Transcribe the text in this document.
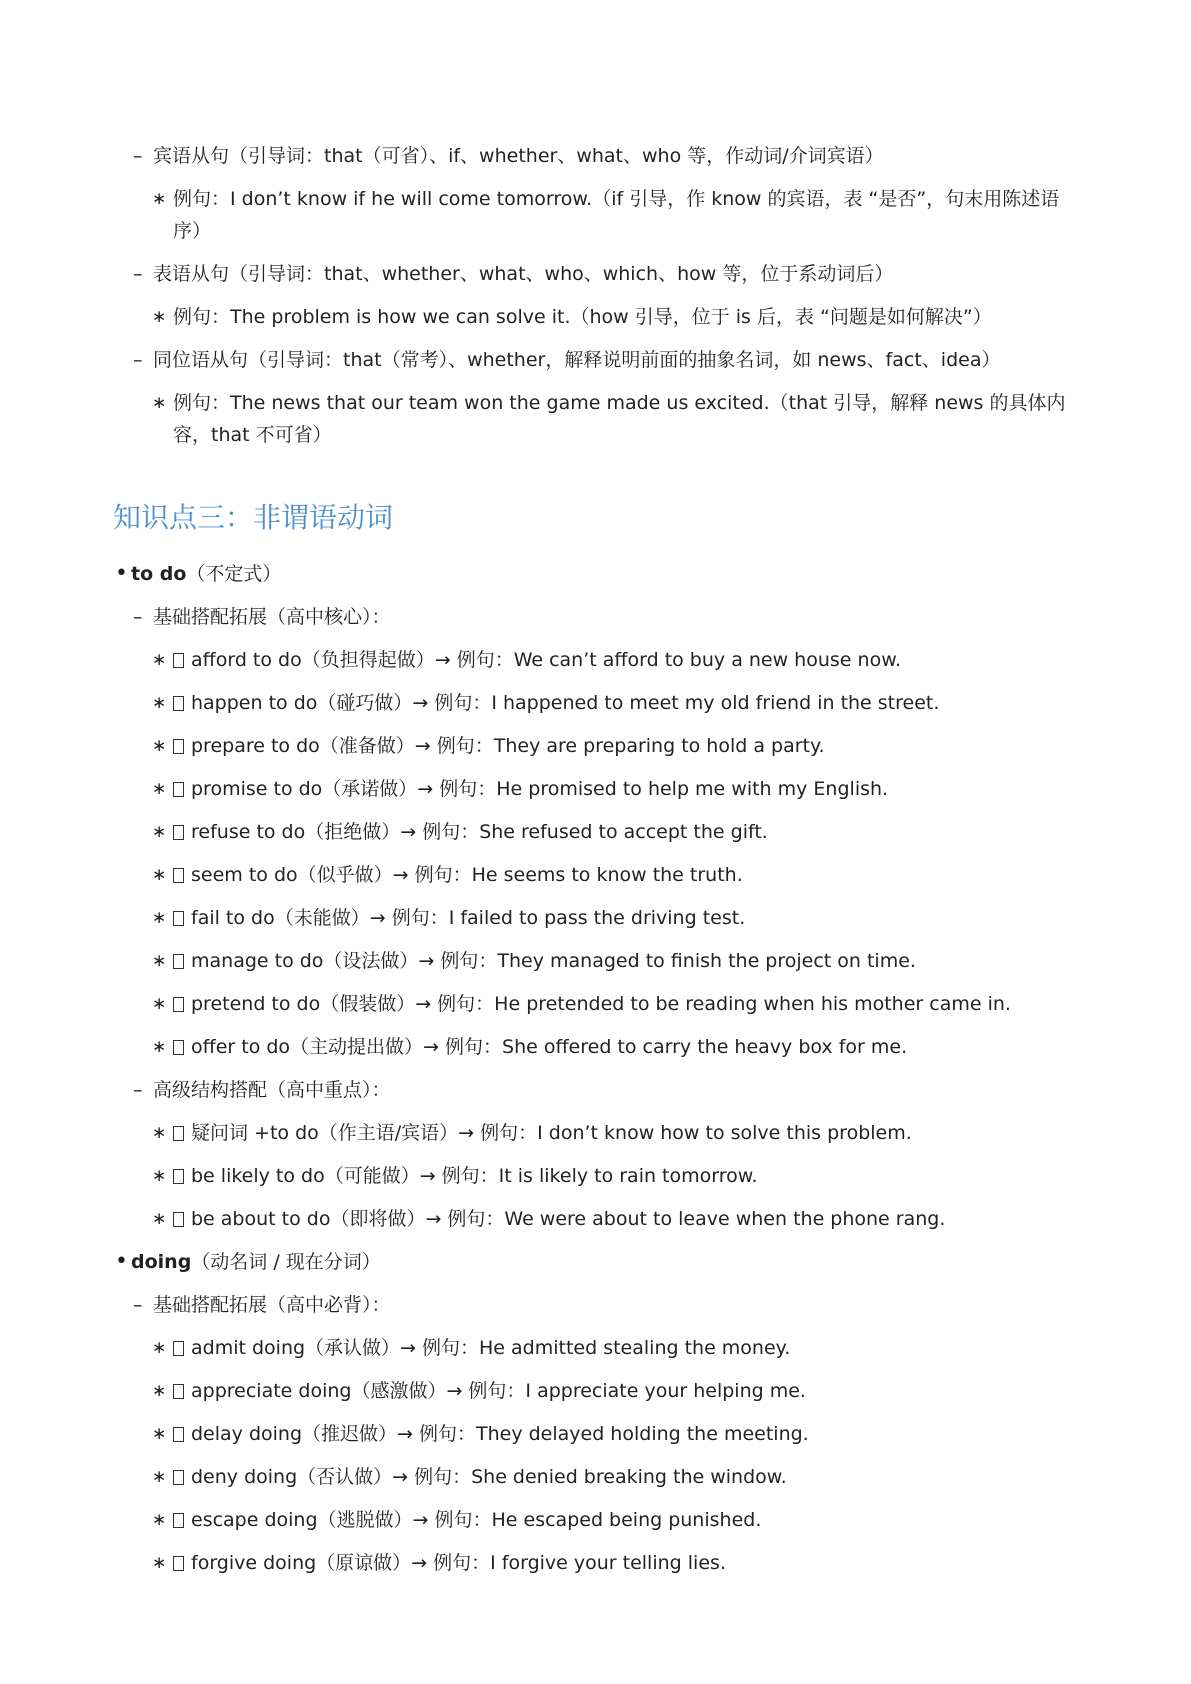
– 宾语从句（引导词：that（可省）、if、whether、what、who 等，作动词/介词宾语）
∗ 例句：I don’t know if he will come tomorrow.（if 引导，作 know 的宾语，表 “是否”，句末用陈述语序）
– 表语从句（引导词：that、whether、what、who、which、how 等，位于系动词后）
∗ 例句：The problem is how we can solve it.（how 引导，位于 is 后，表 “问题是如何解决”）
– 同位语从句（引导词：that（常考）、whether，解释说明前面的抽象名词，如 news、fact、idea）
∗ 例句：The news that our team won the game made us excited.（that 引导，解释 news 的具体内容，that 不可省）
知识点三：非谓语动词
• to do（不定式）
– 基础搭配拓展（高中核心）：
∗ afford to do（负担得起做）→ 例句：We can’t afford to buy a new house now.
∗ happen to do（碰巧做）→ 例句：I happened to meet my old friend in the street.
∗ prepare to do（准备做）→ 例句：They are preparing to hold a party.
∗ promise to do（承诺做）→ 例句：He promised to help me with my English.
∗ refuse to do（拒绝做）→ 例句：She refused to accept the gift.
∗ seem to do（似乎做）→ 例句：He seems to know the truth.
∗ fail to do（未能做）→ 例句：I failed to pass the driving test.
∗ manage to do（设法做）→ 例句：They managed to finish the project on time.
∗ pretend to do（假装做）→ 例句：He pretended to be reading when his mother came in.
∗ offer to do（主动提出做）→ 例句：She offered to carry the heavy box for me.
– 高级结构搭配（高中重点）：
∗ 疑问词 +to do（作主语/宾语）→ 例句：I don’t know how to solve this problem.
∗ be likely to do（可能做）→ 例句：It is likely to rain tomorrow.
∗ be about to do（即将做）→ 例句：We were about to leave when the phone rang.
• doing（动名词 / 现在分词）
– 基础搭配拓展（高中必背）：
∗ admit doing（承认做）→ 例句：He admitted stealing the money.
∗ appreciate doing（感激做）→ 例句：I appreciate your helping me.
∗ delay doing（推迟做）→ 例句：They delayed holding the meeting.
∗ deny doing（否认做）→ 例句：She denied breaking the window.
∗ escape doing（逃脱做）→ 例句：He escaped being punished.
∗ forgive doing（原谅做）→ 例句：I forgive your telling lies.
